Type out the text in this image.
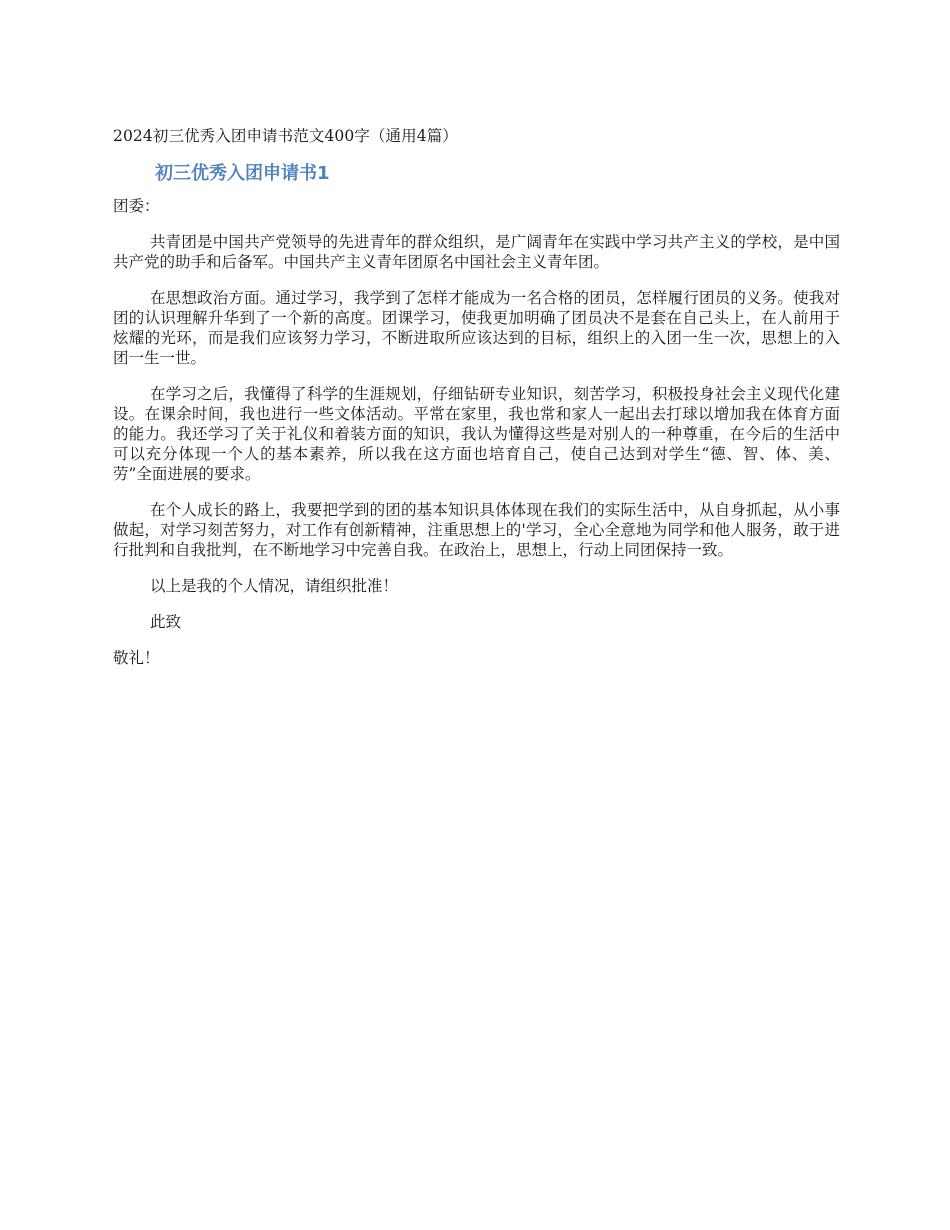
2024初三优秀入团申请书范文400字（通用4篇）

初三优秀入团申请书1

团委：

共青团是中国共产党领导的先进青年的群众组织，是广阔青年在实践中学习共产主义的学校，是中国共产党的助手和后备军。中国共产主义青年团原名中国社会主义青年团。

在思想政治方面。通过学习，我学到了怎样才能成为一名合格的团员，怎样履行团员的义务。使我对团的认识理解升华到了一个新的高度。团课学习，使我更加明确了团员决不是套在自己头上，在人前用于炫耀的光环，而是我们应该努力学习，不断进取所应该达到的目标，组织上的入团一生一次，思想上的入团一生一世。

在学习之后，我懂得了科学的生涯规划，仔细钻研专业知识，刻苦学习，积极投身社会主义现代化建设。在课余时间，我也进行一些文体活动。平常在家里，我也常和家人一起出去打球以增加我在体育方面的能力。我还学习了关于礼仪和着装方面的知识，我认为懂得这些是对别人的一种尊重，在今后的生活中可以充分体现一个人的基本素养，所以我在这方面也培育自己，使自己达到对学生“德、智、体、美、劳”全面进展的要求。

在个人成长的路上，我要把学到的团的基本知识具体体现在我们的实际生活中，从自身抓起，从小事做起，对学习刻苦努力，对工作有创新精神，注重思想上的'学习，全心全意地为同学和他人服务，敢于进行批判和自我批判，在不断地学习中完善自我。在政治上，思想上，行动上同团保持一致。

以上是我的个人情况，请组织批准！

此致

敬礼！
